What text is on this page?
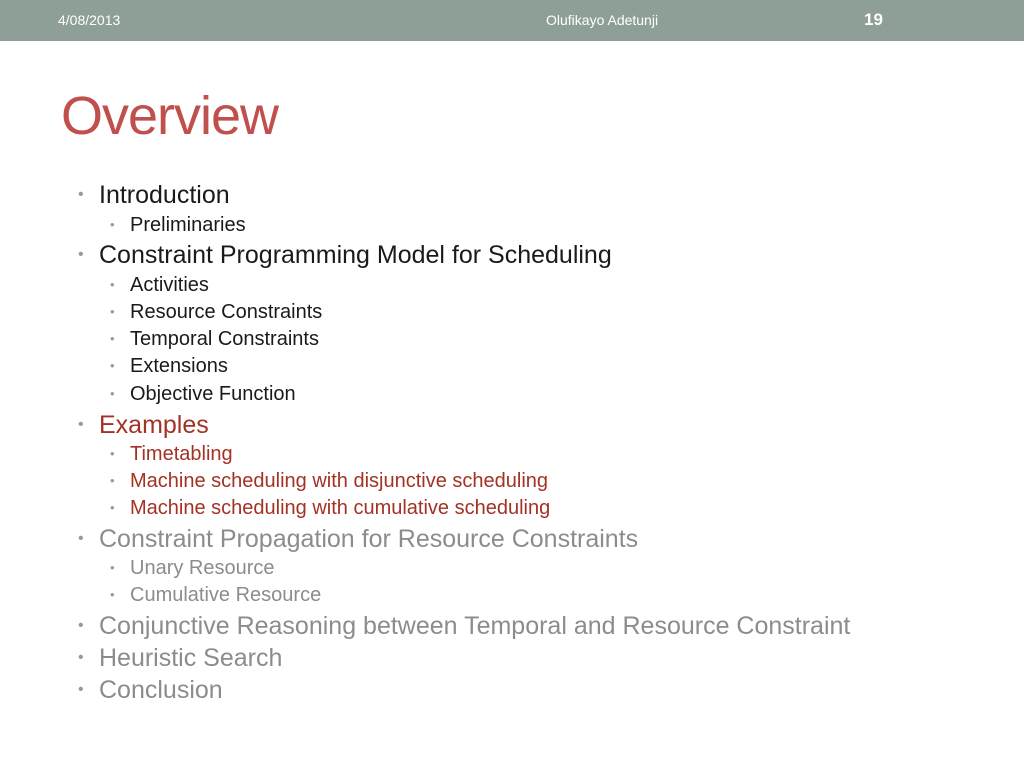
4/08/2013	Olufikayo Adetunji	19
Overview
• Introduction
• Preliminaries
• Constraint Programming Model for Scheduling
• Activities
• Resource Constraints
• Temporal Constraints
• Extensions
• Objective Function
• Examples
• Timetabling
• Machine scheduling with disjunctive scheduling
• Machine scheduling with cumulative scheduling
• Constraint Propagation for Resource Constraints
• Unary Resource
• Cumulative Resource
• Conjunctive Reasoning between Temporal and Resource Constraint
• Heuristic Search
• Conclusion
